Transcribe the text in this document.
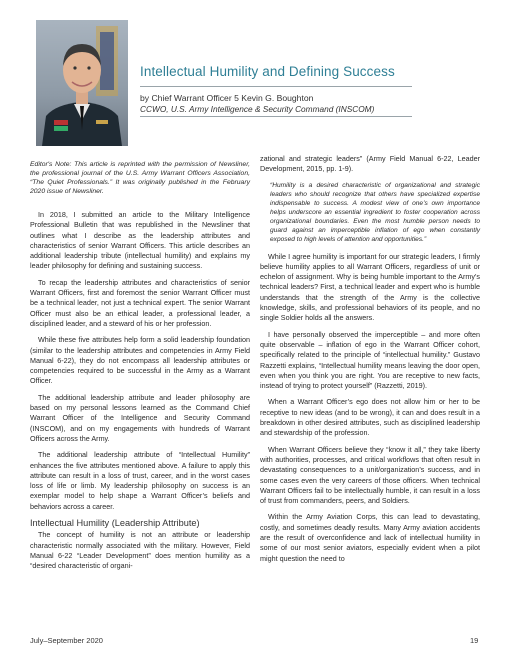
Intellectual Humility and Defining Success
by Chief Warrant Officer 5 Kevin G. Boughton
CCWO, U.S. Army Intelligence & Security Command (INSCOM)

Editor's Note: This article is reprinted with the permission of Newsliner, the professional journal of the U.S. Army Warrant Officers Association, “The Quiet Professionals.” It was originally published in the February 2020 issue of Newsliner.

In 2018, I submitted an article to the Military Intelligence Professional Bulletin that was republished in the Newsliner that outlines what I describe as the leadership attributes and characteristics of senior Warrant Officers. This article describes an additional leadership tribute (intellectual humility) and explains my leader philosophy for defining and sustaining success.

To recap the leadership attributes and characteristics of senior Warrant Officers, first and foremost the senior Warrant Officer must be a technical leader, not just a technical expert. The senior Warrant Officer must also be an ethical leader, a professional leader, a disciplined leader, and a steward of his or her profession.

While these five attributes help form a solid leadership foundation (similar to the leadership attributes and competencies in Army Field Manual 6-22), they do not encompass all leadership attributes or competencies required to be successful in the Army as a Warrant Officer.

The additional leadership attribute and leader philosophy are based on my personal lessons learned as the Command Chief Warrant Officer of the Intelligence and Security Command (INSCOM), and on my engagements with hundreds of Warrant Officers across the Army.

The additional leadership attribute of “Intellectual Humility” enhances the five attributes mentioned above. A failure to apply this attribute can result in a loss of trust, career, and in the worst cases loss of life or limb. My leadership philosophy on success is an exemplar model to help shape a Warrant Officer’s beliefs and behaviors across a career.

Intellectual Humility (Leadership Attribute)

The concept of humility is not an attribute or leadership characteristic normally associated with the military. However, Field Manual 6-22 “Leader Development” does mention humility as a “desired characteristic of organi-

zational and strategic leaders” (Army Field Manual 6-22, Leader Development, 2015, pp. 1-9).

“Humility is a desired characteristic of organizational and strategic leaders who should recognize that others have specialized expertise indispensable to success. A modest view of one’s own importance helps underscore an essential ingredient to foster cooperation across organizational boundaries. Even the most humble person needs to guard against an imperceptible inflation of ego when constantly exposed to high levels of attention and opportunities.”

While I agree humility is important for our strategic leaders, I firmly believe humility applies to all Warrant Officers, regardless of unit or echelon of assignment. Why is being humble important to the Army’s technical leaders? First, a technical leader and expert who is humble understands that the strength of the Army is the collective knowledge, skills, and professional behaviors of its people, and no single Soldier holds all the answers.

I have personally observed the imperceptible – and more often quite observable – inflation of ego in the Warrant Officer cohort, specifically related to the principle of “intellectual humility.” Gustavo Razzetti explains, “Intellectual humility means leaving the door open, even when you think you are right. You are receptive to new facts, instead of trying to protect yourself” (Razzetti, 2019).

When a Warrant Officer’s ego does not allow him or her to be receptive to new ideas (and to be wrong), it can and does result in a breakdown in other desired attributes, such as disciplined leadership and stewardship of the profession.

When Warrant Officers believe they “know it all,” they take liberty with authorities, processes, and critical workflows that often result in devastating consequences to a unit/organization’s success, and in some cases even the very careers of those officers. When technical Warrant Officers fail to be intellectually humble, it can result in a loss of trust from commanders, peers, and Soldiers.

Within the Army Aviation Corps, this can lead to devastating, costly, and sometimes deadly results. Many Army aviation accidents are the result of overconfidence and lack of intellectual humility in some of our most senior aviators, especially evident when a pilot might question the need to

July–September 2020	19
